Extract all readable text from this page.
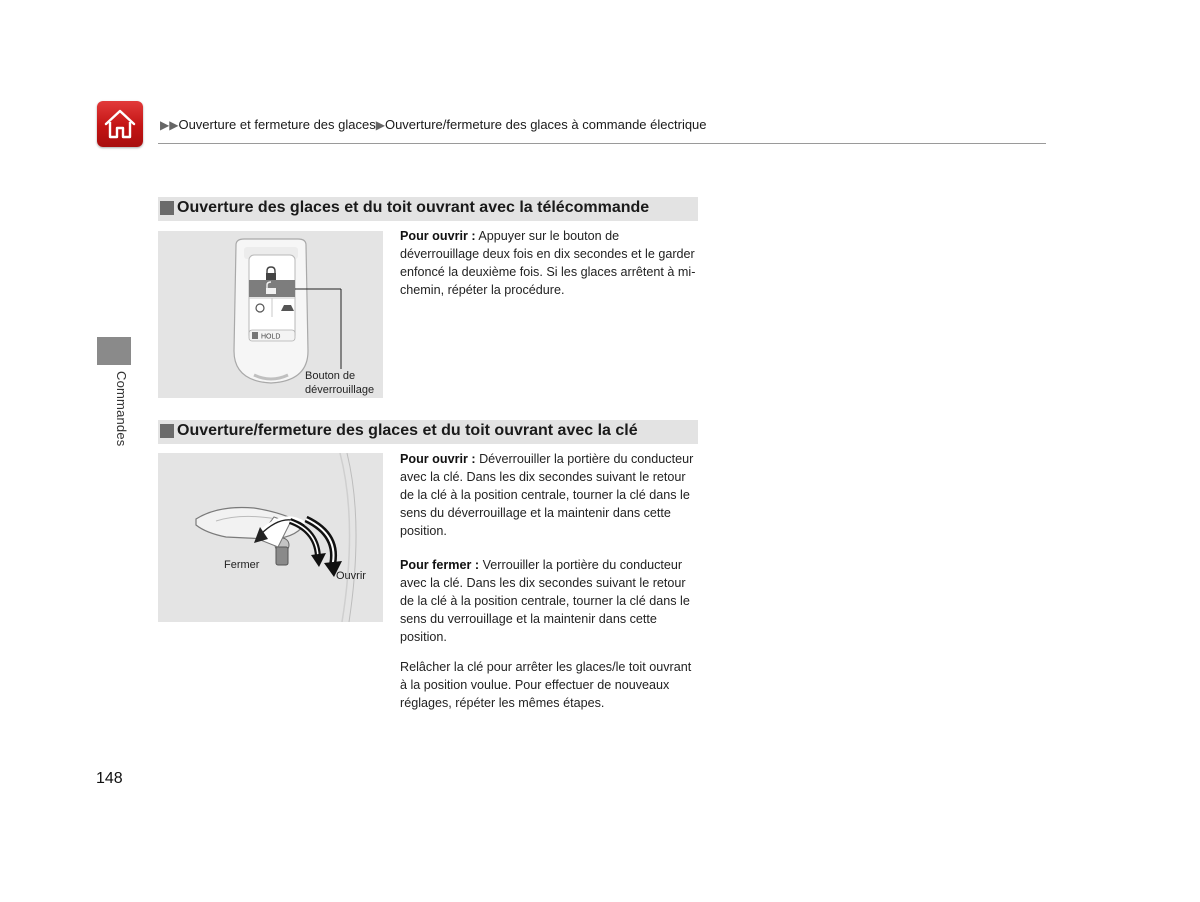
▶▶Ouverture et fermeture des glaces▶Ouverture/fermeture des glaces à commande électrique
Commandes
Ouverture des glaces et du toit ouvrant avec la télécommande
HOLD
Bouton de
déverrouillage

Pour ouvrir : Appuyer sur le bouton de déverrouillage deux fois en dix secondes et le garder enfoncé la deuxième fois. Si les glaces arrêtent à mi-chemin, répéter la procédure.

Ouverture/fermeture des glaces et du toit ouvrant avec la clé
Fermer
Ouvrir

Pour ouvrir : Déverrouiller la portière du conducteur avec la clé. Dans les dix secondes suivant le retour de la clé à la position centrale, tourner la clé dans le sens du déverrouillage et la maintenir dans cette position.

Pour fermer : Verrouiller la portière du conducteur avec la clé. Dans les dix secondes suivant le retour de la clé à la position centrale, tourner la clé dans le sens du verrouillage et la maintenir dans cette position.

Relâcher la clé pour arrêter les glaces/le toit ouvrant à la position voulue. Pour effectuer de nouveaux réglages, répéter les mêmes étapes.

148
